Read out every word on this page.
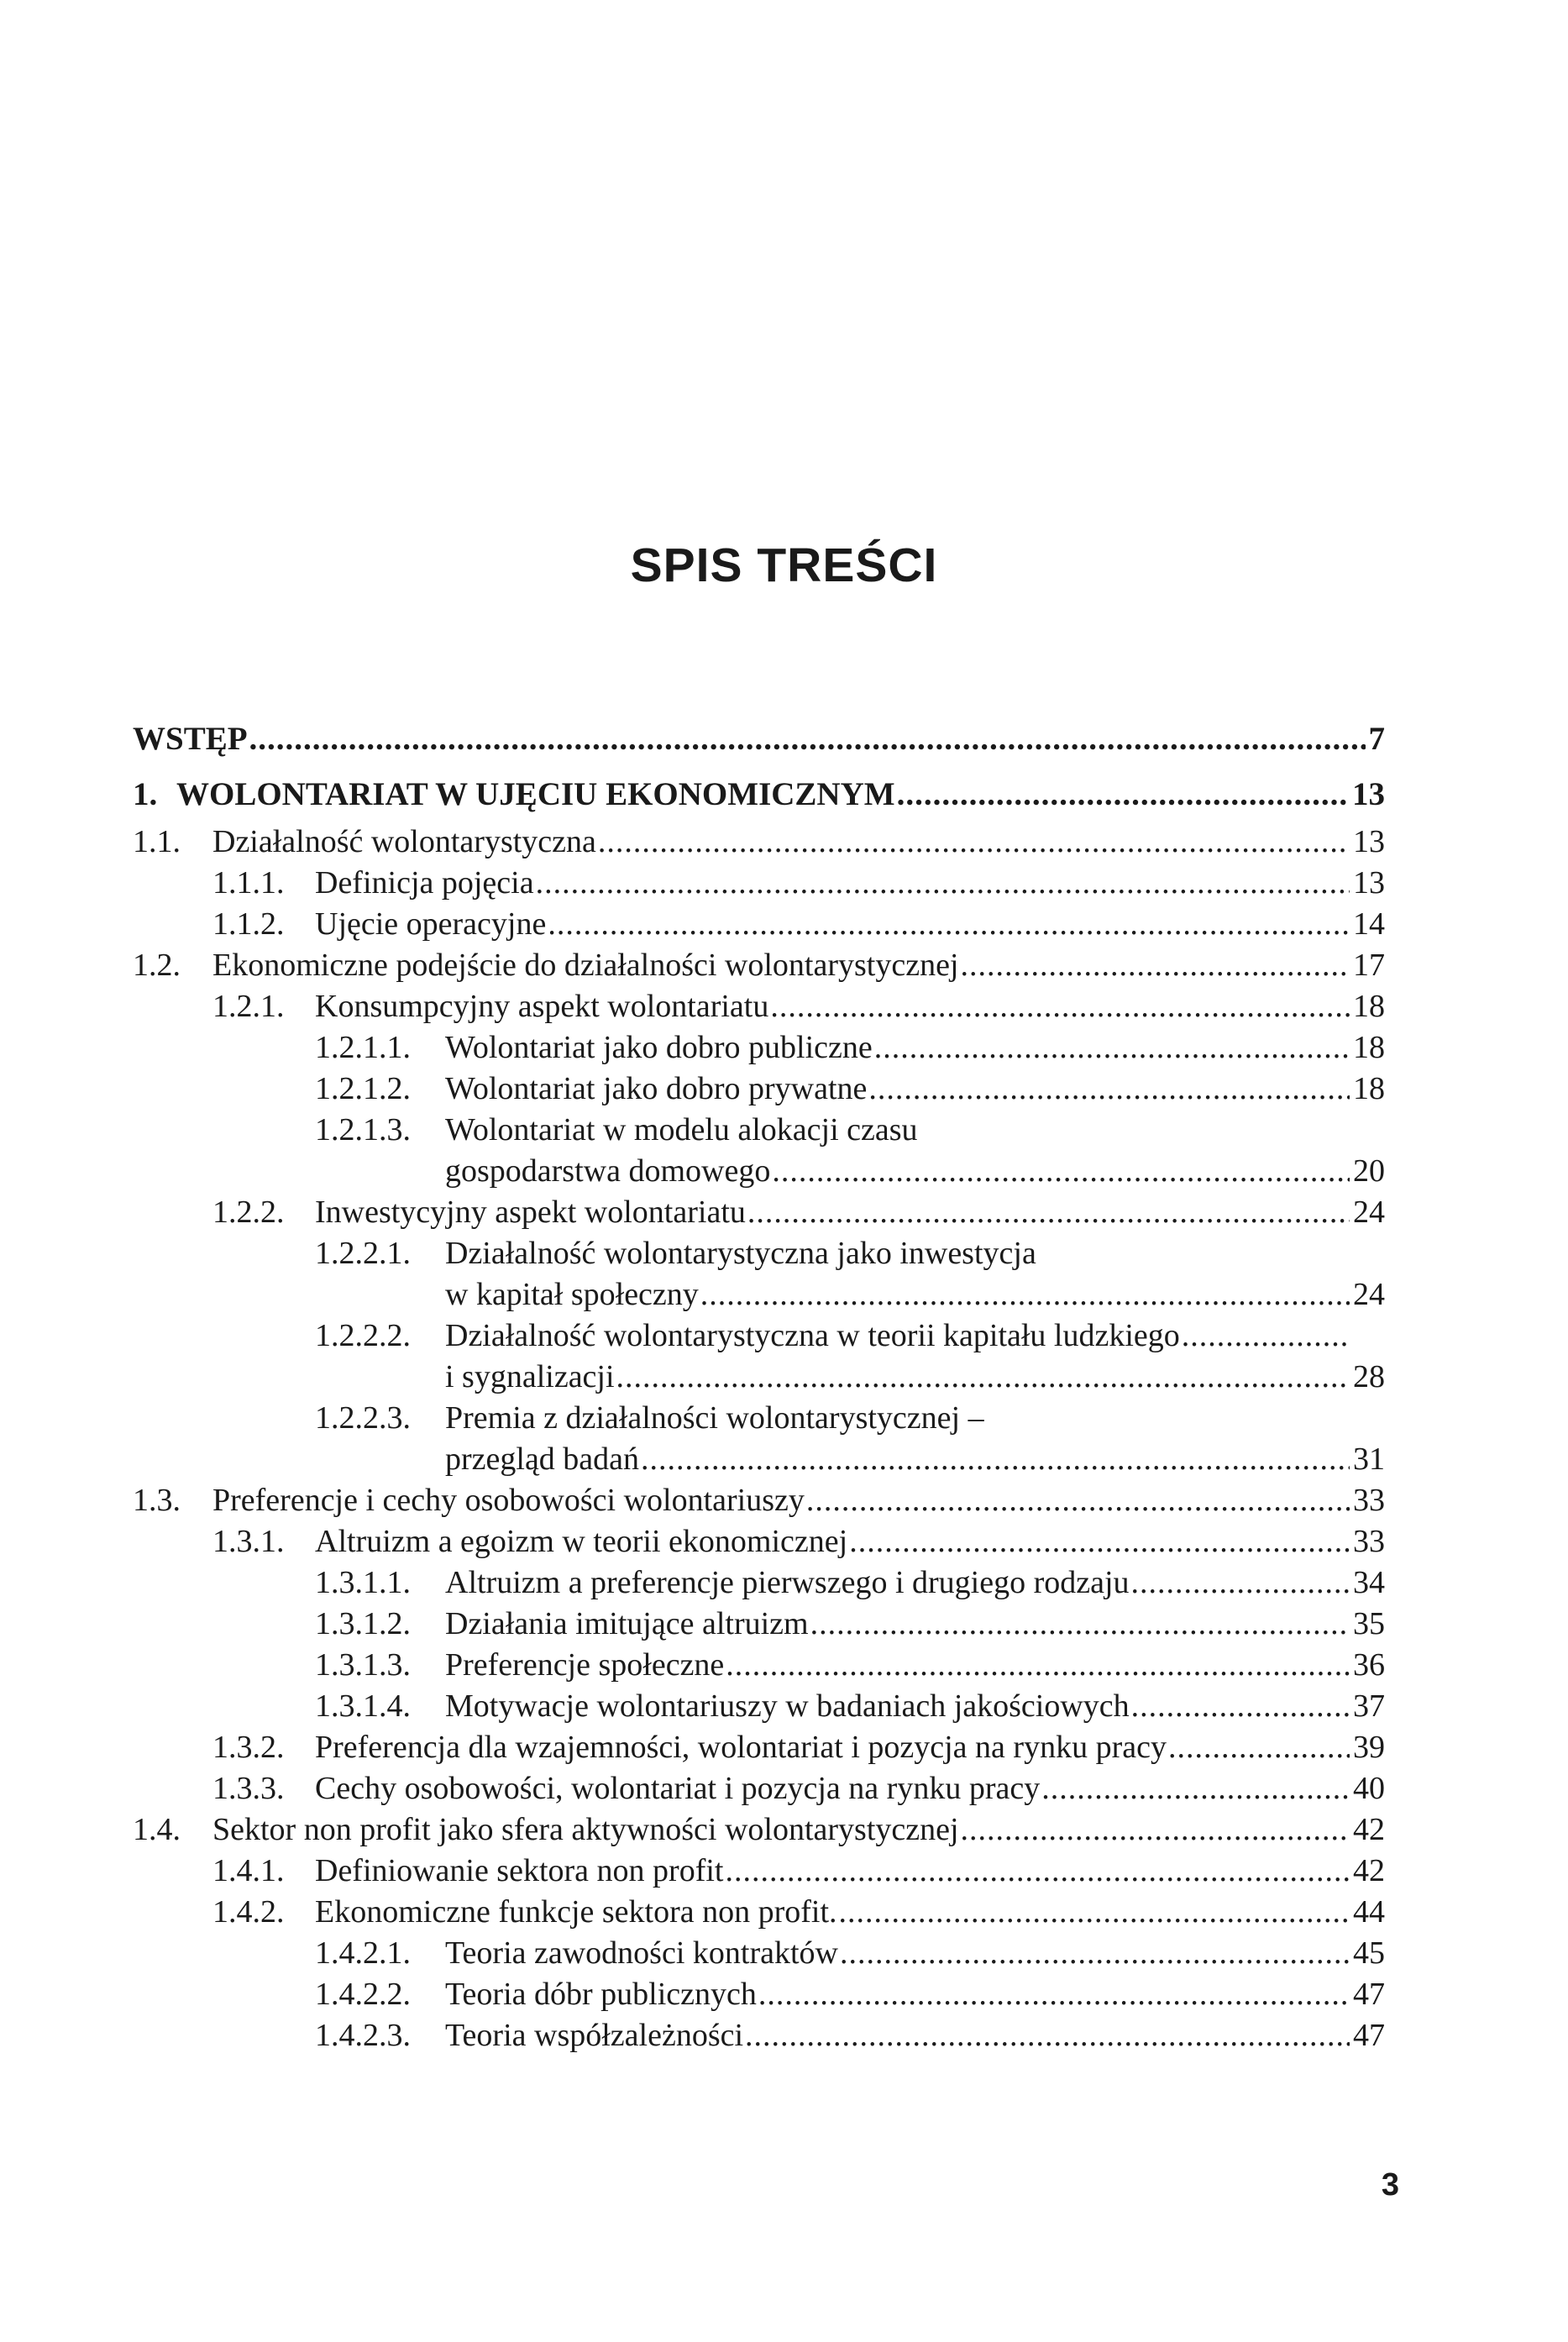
SPIS TREŚCI
WSTĘP .....	7
1. WOLONTARIAT W UJĘCIU EKONOMICZNYM .....	13
1.1. Działalność wolontarystyczna .....	13
1.1.1. Definicja pojęcia .....	13
1.1.2. Ujęcie operacyjne .....	14
1.2. Ekonomiczne podejście do działalności wolontarystycznej .....	17
1.2.1. Konsumpcyjny aspekt wolontariatu .....	18
1.2.1.1. Wolontariat jako dobro publiczne .....	18
1.2.1.2. Wolontariat jako dobro prywatne .....	18
1.2.1.3. Wolontariat w modelu alokacji czasu
gospodarstwa domowego .....	20
1.2.2. Inwestycyjny aspekt wolontariatu .....	24
1.2.2.1. Działalność wolontarystyczna jako inwestycja
w kapitał społeczny .....	24
1.2.2.2. Działalność wolontarystyczna w teorii kapitału ludzkiego
.....
i sygnalizacji .....	28
1.2.2.3. Premia z działalności wolontarystycznej –
przegląd badań .....	31
1.3. Preferencje i cechy osobowości wolontariuszy .....	33
1.3.1. Altruizm a egoizm w teorii ekonomicznej .....	33
1.3.1.1. Altruizm a preferencje pierwszego i drugiego rodzaju .....	34
1.3.1.2. Działania imitujące altruizm .....	35
1.3.1.3. Preferencje społeczne .....	36
1.3.1.4. Motywacje wolontariuszy w badaniach jakościowych .....	37
1.3.2. Preferencja dla wzajemności, wolontariat i pozycja na rynku pracy .....	39
1.3.3. Cechy osobowości, wolontariat i pozycja na rynku pracy .....	40
1.4. Sektor non profit jako sfera aktywności wolontarystycznej .....	42
1.4.1. Definiowanie sektora non profit .....	42
1.4.2. Ekonomiczne funkcje sektora non profit. .....	44
1.4.2.1. Teoria zawodności kontraktów .....	45
1.4.2.2. Teoria dóbr publicznych .....	47
1.4.2.3. Teoria współzależności .....	47
3
